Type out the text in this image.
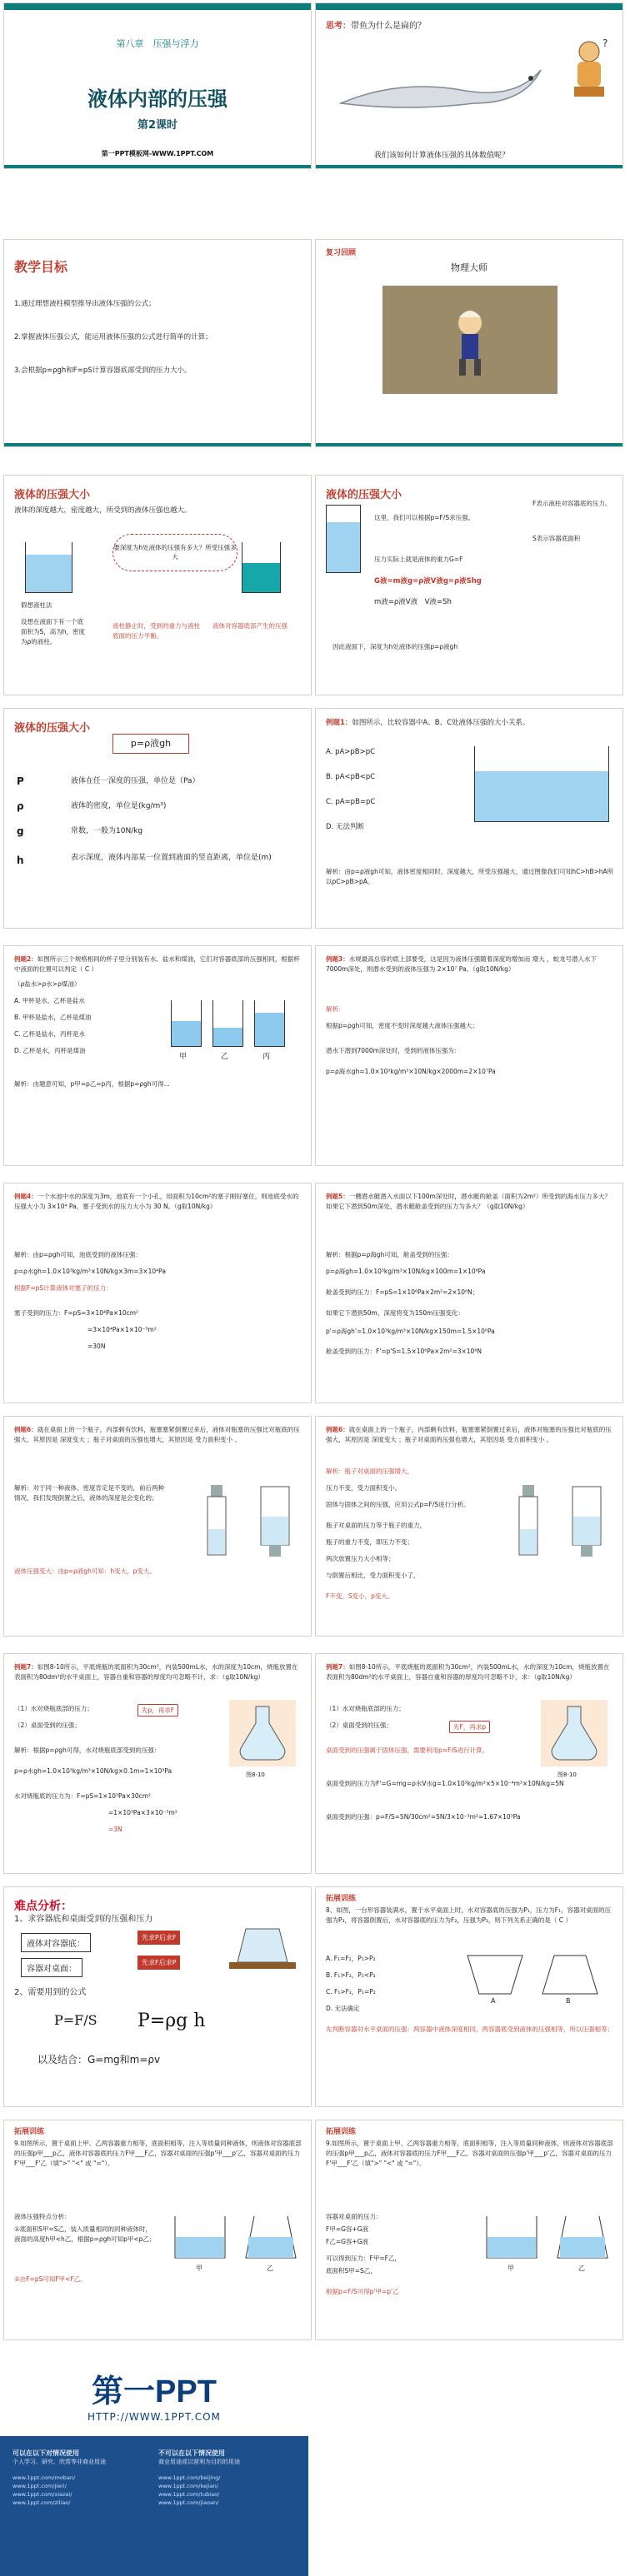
第八章　压强与浮力
液体内部的压强
第2课时
第一PPT模板网-WWW.1PPT.COM
思考：带鱼为什么是扁的？
?
我们该如何计算液体压强的具体数值呢？
教学目标
1.通过理想液柱模型推导出液体压强的公式；
2.掌握液体压强公式，能运用液体压强的公式进行简单的计算；
3.会根据p=ρgh和F=pS计算容器底部受到的压力大小。
复习回顾
物理大师
液体的压强大小
液体的深度越大，密度越大，所受到的液体压强也越大。
要深度为h处液体的压强有多大？所受压强多大
假想液柱法
液体对容器底部产生的压强
设想在液面下有一个底面积为S，高为h，密度为ρ的液柱。
液柱静止时，受到的重力与液柱底面的压力平衡。
液体的压强大小
这里，我们可以根据p=F/S求压强。
F表示液柱对容器底的压力。
S表示容器底面积
压力实际上就是液体的重力G=F
G液=m液g=ρ液V液g=ρ液Shg
m液=ρ液V液　V液=Sh
因此液面下，深度为h处液体的压强p=ρ液gh
液体的压强大小
p=ρ液gh
P	液体在任一深度的压强，单位是（Pa）
ρ	液体的密度，单位是(kg/m³)
g	常数，一般为10N/kg
h	表示深度，液体内部某一位置到液面的竖直距离，单位是(m)
例题1：如图所示，比较容器中A、B、C处液体压强的大小关系。
A. pA>pB>pC
B. pA<pB<pC
C. pA=pB=pC
D. 无法判断
解析：由p=ρ液gh可知，液体密度相同时，深度越大，所受压强越大，通过图像我们可知hC>hB>hA所以pC>pB>pA。
例题2：如图所示三个规格相同的杯子里分别装有水、盐水和煤油，它们对容器底部的压强相同，根据杯中液面的位置可以判定（ C ）
（ρ盐水>ρ水>ρ煤油）
A. 甲杯是水，乙杯是盐水
B. 甲杯是盐水，乙杯是煤油
C. 乙杯是盐水，丙杯是水
D. 乙杯是水，丙杯是煤油
甲	乙	丙
解析：由题意可知，p甲=p乙=p丙，根据p=ρgh可得...
例题3：水规最高总容的底上部要受，这是因为液体压强随着深度的增加而 增大 ，蛟龙号潜入水下7000m深处，则潜水受到的液体压强为 2×10⁷ Pa。（g取10N/kg）
解析：
根据p=ρgh可知，密度不变时深度越大液体压强越大；
潜水下潜到7000m深处时，受到的液体压强为：
p=ρ海水gh=1.0×10³kg/m³×10N/kg×2000m=2×10⁷Pa
例题4：一个水池中水的深度为3m，池底有一个小孔，用面积为10cm²的塞子刚好塞住，则池底受水的压强大小为 3×10⁴ Pa，塞子受到水的压力大小为 30 N。（g取10N/kg）
解析：由p=ρgh可知，池底受到的液体压强：
p=ρ水gh=1.0×10³kg/m³×10N/kg×3m=3×10⁴Pa
根据F=pS计算液体对塞子的压力：
塞子受到的压力：F=pS=3×10⁴Pa×10cm²
=3×10⁴Pa×1×10⁻³m²
=30N
例题5：一艘潜水艇潜入水面以下100m深处时，潜水艇的舱盖（面积为2m²）所受到的海水压力多大？如果它下潜到50m深处，潜水艇舱盖受到的压力为多大？（g取10N/kg）
解析：根据p=ρ海gh可知，舱盖受到的压强：
p=ρ海gh=1.0×10³kg/m³×10N/kg×100m=1×10⁶Pa
舱盖受到的压力：F=pS=1×10⁶Pa×2m²=2×10⁶N；
如果它下潜到50m，深度将变为150m压强变化：
p'=ρ海gh'=1.0×10³kg/m³×10N/kg×150m=1.5×10⁶Pa
舱盖受到的压力：F'=p'S=1.5×10⁶Pa×2m²=3×10⁶N
例题6：就在桌面上的一个瓶子，内部剩有饮料，瓶塞塞紧倒置过来后，液体对瓶塞的压强比对瓶底的压强大，其原因是 深度变大 ；瓶子对桌面的压强也增大，其原因是 受力面积变小 。
解析：对于同一种液体，密度肯定是不变的，前后两种情况，我们发现倒置之后，液体的深度是会变化的；
液体压强变大：由p=ρ液gh可知：h变大，p变大。
例题6：就在桌面上的一个瓶子，内部剩有饮料，瓶塞塞紧倒置过来后，液体对瓶塞的压强比对瓶底的压强大，其原因是 深度变大 ；瓶子对桌面的压强也增大，其原因是 受力面积变小 。
解析：瓶子对桌面的压强增大，
压力不变，受力面积变小。
固体与固体之间的压强，应用公式p=F/S进行分析。
瓶子对桌面的压力等于瓶子的重力，
瓶子的重力不变，即压力不变；
两次放置压力大小相等；
与倒置后相比，受力面积变小了，
F不变，S变小，p变大。
例题7：如图8-10所示，平底烧瓶的底面积为30cm²，内装500mL水，水的深度为10cm，烧瓶放置在表面积为80dm²的水平桌面上，容器自重和容器的厚度均可忽略不计，求：（g取10N/kg）
（1）水对烧瓶底部的压力；
（2）桌面受到的压强；
先p，再求F
图8-10
解析：根据p=ρgh可得，水对烧瓶底部受到的压强：
p=ρ水gh=1.0×10³kg/m³×10N/kg×0.1m=1×10³Pa
水对烧瓶底的压力为：F=pS=1×10³Pa×30cm²
=1×10³Pa×3×10⁻³m²
=3N
例题7：如图8-10所示，平底烧瓶的底面积为30cm²，内装500mL水，水的深度为10cm，烧瓶放置在表面积为80dm²的水平桌面上，容器自重和容器的厚度均可忽略不计，求：（g取10N/kg）
（1）水对烧瓶底部的压力；
（2）桌面受到的压强；	先F，再求p
图8-10
桌面受到的压强属于固体压强，需要利用p=F/S进行计算。
桌面受到的压力为F'=G=mg=ρ水V水g=1.0×10³kg/m³×5×10⁻⁴m³×10N/kg=5N
桌面受到的压强：p=F/S=5N/30cm²=5N/3×10⁻³m²≈1.67×10³Pa
难点分析：
1、求容器底和桌面受到的压强和压力
液体对容器底：
容器对桌面：
先求P后求F
先求F后求P
2、需要用到的公式
P=F/S P=ρg h
以及结合：G=mg和m=ρv
拓展训练
8、如图，一台形容器装满水，置于水平桌面上时，水对容器底的压强为P₁，压力为F₁，容器对桌面的压强为P₂，将容器倒置后，水对容器底的压力为F₂，压强为P₂，则下列关系正确的是（ C ）
A. F₁=F₂，P₁>P₂
B. F₁>F₂，P₁<P₂
C. F₁>F₂，P₁=P₂
D. 无法确定
A	B
先判断容器对水平桌面的压强：两容器中液体深度相同，两容器底受到液体的压强相等，所以压强相等；
拓展训练
9.如图所示，置于桌面上甲、乙两容器重力相等，底面积相等，注入等质量同种液体，则液体对容器底部的压强p甲___p乙，液体对容器底的压力F甲___F乙，容器对桌面的压强p'甲___p'乙，容器对桌面的压力F'甲___F'乙（填">" "<" 或 "="）。
液体压强特点分析：
①底面积S甲=S乙，装入质量相同的同种液体时，液面的高度h甲<h乙，根据p=ρgh可知p甲<p乙；
②由F=pS可知F甲<F乙。
甲	乙
拓展训练
9.如图所示，置于桌面上甲、乙两容器重力相等，底面积相等，注入等质量同种液体，则液体对容器底部的压强p甲___p乙，液体对容器底的压力F甲___F乙，容器对桌面的压强p'甲___p'乙，容器对桌面的压力F'甲___F'乙（填">" "<" 或 "="）。
容器对桌面的压力：
F甲=G容+G液
F乙=G容+G液
可以得到压力：F甲=F乙，
底面积S甲=S乙，
根据p=F/S可得p'甲=p'乙
甲	乙
第一PPT
HTTP://WWW.1PPT.COM
可以在以下对情况使用
个人学习、研究、欣赏等非商业用途
www.1ppt.com/moban/
www.1ppt.com/jieri/
www.1ppt.com/xiazai/
www.1ppt.com/ziliao/
不可以在以下情况使用
商业用途或以营利为目的的用途
www.1ppt.com/beijing/
www.1ppt.com/kejian/
www.1ppt.com/tubiao/
www.1ppt.com/jiaoan/
